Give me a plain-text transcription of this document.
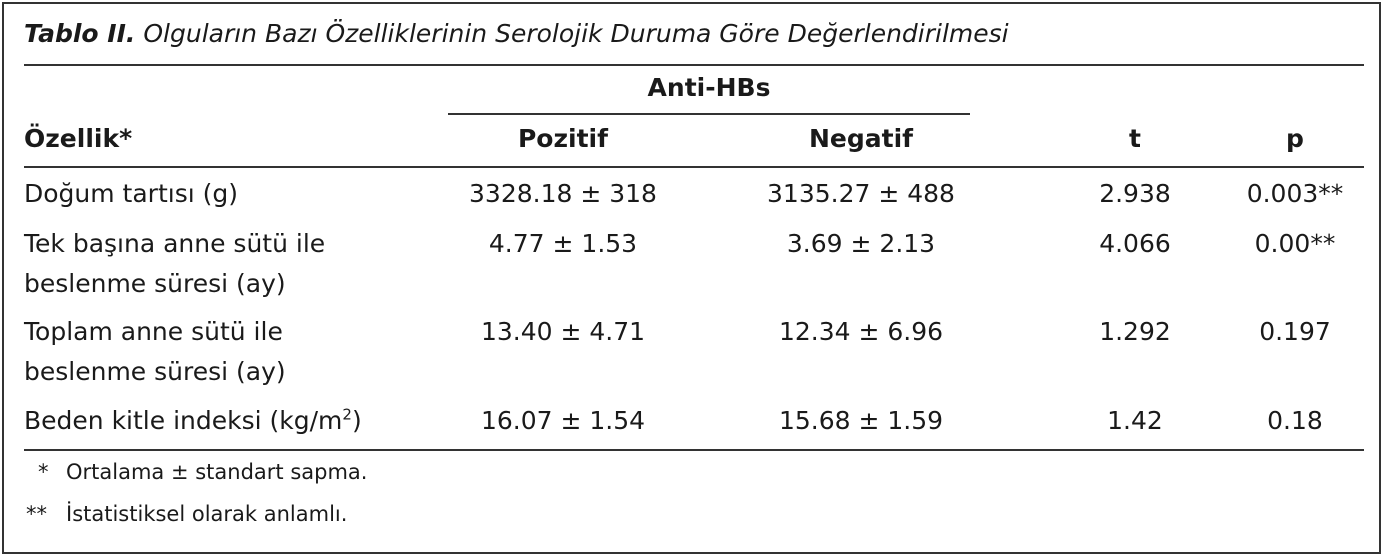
Tablo II. Olguların Bazı Özelliklerinin Serolojik Duruma Göre Değerlendirilmesi
Anti-HBs
Özellik*	Pozitif	Negatif	t	p
Doğum tartısı (g)	3328.18 ± 318	3135.27 ± 488	2.938	0.003**
Tek başına anne sütü ile
beslenme süresi (ay)
4.77 ± 1.53	3.69 ± 2.13	4.066	0.00**
Toplam anne sütü ile
beslenme süresi (ay)
13.40 ± 4.71	12.34 ± 6.96	1.292	0.197
Beden kitle indeksi $(kg/m^2)$	16.07 ± 1.54	15.68 ± 1.59	1.42	0.18
* Ortalama ± standart sapma.
** İstatistiksel olarak anlamlı.
